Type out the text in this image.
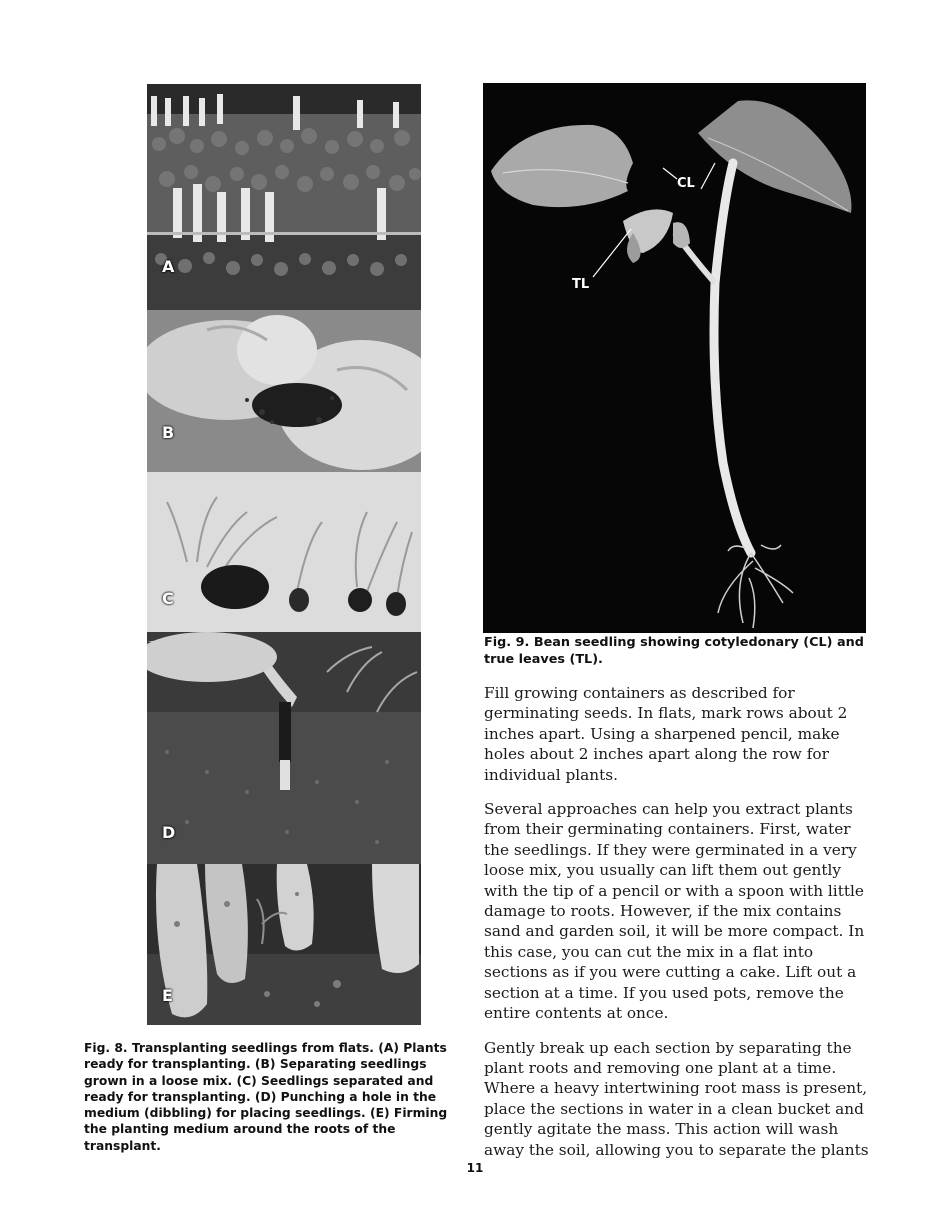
A
B
C
D
E
Fig. 8. Transplanting seedlings from flats. (A) Plants ready for transplanting. (B) Separating seedlings grown in a loose mix. (C) Seedlings separated and ready for transplanting. (D) Punching a hole in the medium (dibbling) for placing seedlings. (E) Firming the planting medium around the roots of the transplant.
CL
TL
Fig. 9. Bean seedling showing cotyledonary (CL) and true leaves (TL).

Fill growing containers as described for germinating seeds. In flats, mark rows about 2 inches apart. Using a sharpened pencil, make holes about 2 inches apart along the row for individual plants.

Several approaches can help you extract plants from their germinating containers. First, water the seedlings. If they were germinated in a very loose mix, you usually can lift them out gently with the tip of a pencil or with a spoon with little damage to roots. However, if the mix contains sand and garden soil, it will be more compact. In this case, you can cut the mix in a flat into sections as if you were cutting a cake. Lift out a section at a time. If you used pots, remove the entire contents at once.

Gently break up each section by separating the plant roots and removing one plant at a time. Where a heavy intertwining root mass is present, place the sections in water in a clean bucket and gently agitate the mass. This action will wash away the soil, allowing you to separate the plants

11
